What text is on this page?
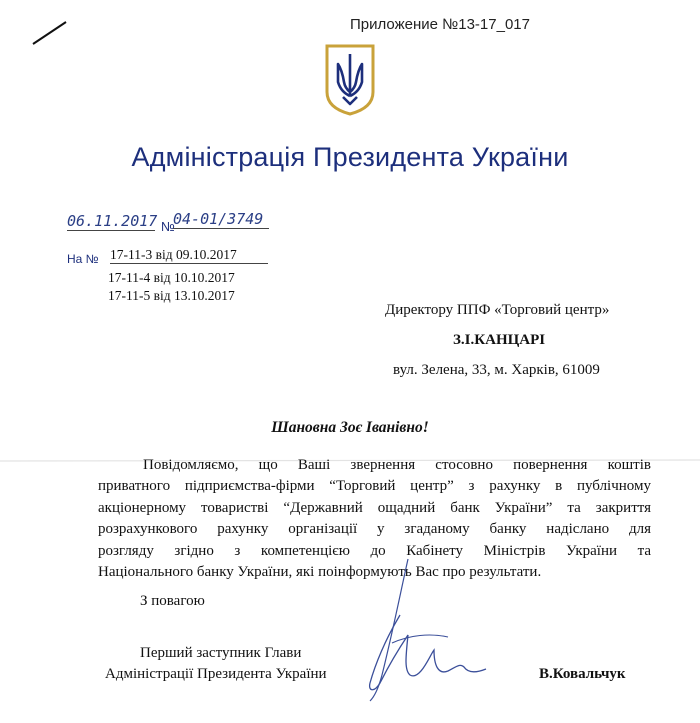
Приложение №13-17_017
Адміністрація Президента України
06.11.2017 №
04-01/3749
На № 17-11-3 від 09.10.2017
17-11-4 від 10.10.2017
17-11-5 від 13.10.2017
Директору ППФ «Торговий центр»
З.І.КАНЦАРІ
вул. Зелена, 33, м. Харків, 61009
Шановна Зоє Іванівно!
Повідомляємо, що Ваші звернення стосовно повернення коштів
приватного підприємства-фірми “Торговий центр” з рахунку в публічному
акціонерному товаристві “Державний ощадний банк України” та закриття
розрахункового рахунку організації у згаданому банку надіслано для
розгляду згідно з компетенцією до Кабінету Міністрів України та
Національного банку України, які поінформують Вас про результати.
З повагою
Перший заступник Глави
Адміністрації Президента України	В.Ковальчук
